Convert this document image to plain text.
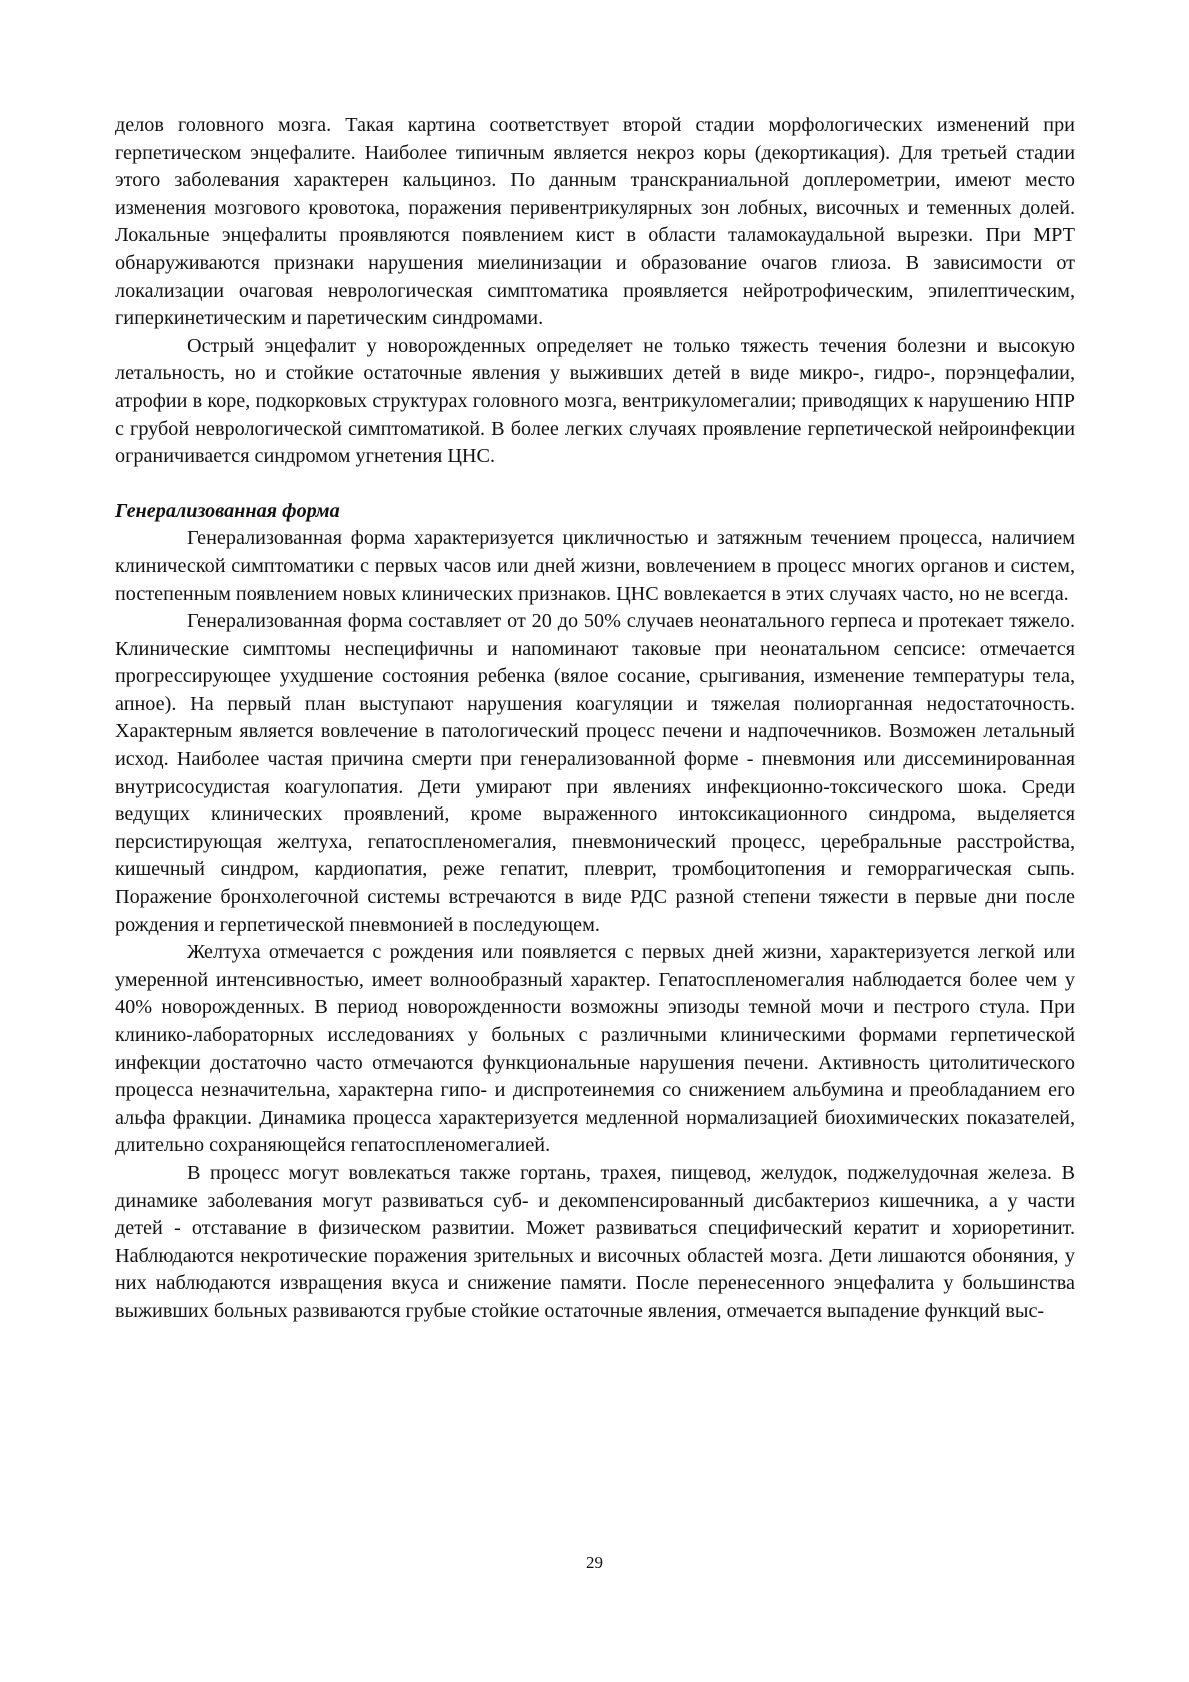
делов головного мозга. Такая картина соответствует второй стадии морфологических изменений при герпетическом энцефалите. Наиболее типичным является некроз коры (декортикация). Для третьей стадии этого заболевания характерен кальциноз. По данным транскраниальной доплерометрии, имеют место изменения мозгового кровотока, поражения перивентрикулярных зон лобных, височных и теменных долей. Локальные энцефалиты проявляются появлением кист в области таламокаудальной вырезки. При МРТ обнаруживаются признаки нарушения миелинизации и образование очагов глиоза. В зависимости от локализации очаговая неврологическая симптоматика проявляется нейротрофическим, эпилептическим, гиперкинетическим и паретическим синдромами.

Острый энцефалит у новорожденных определяет не только тяжесть течения болезни и высокую летальность, но и стойкие остаточные явления у выживших детей в виде микро-, гидро-, порэнцефалии, атрофии в коре, подкорковых структурах головного мозга, вентрикуломегалии; приводящих к нарушению НПР с грубой неврологической симптоматикой. В более легких случаях проявление герпетической нейроинфекции ограничивается синдромом угнетения ЦНС.

Генерализованная форма

Генерализованная форма характеризуется цикличностью и затяжным течением процесса, наличием клинической симптоматики с первых часов или дней жизни, вовлечением в процесс многих органов и систем, постепенным появлением новых клинических признаков. ЦНС вовлекается в этих случаях часто, но не всегда.

Генерализованная форма составляет от 20 до 50% случаев неонатального герпеса и протекает тяжело. Клинические симптомы неспецифичны и напоминают таковые при неонатальном сепсисе: отмечается прогрессирующее ухудшение состояния ребенка (вялое сосание, срыгивания, изменение температуры тела, апное). На первый план выступают нарушения коагуляции и тяжелая полиорганная недостаточность. Характерным является вовлечение в патологический процесс печени и надпочечников. Возможен летальный исход. Наиболее частая причина смерти при генерализованной форме - пневмония или диссеминированная внутрисосудистая коагулопатия. Дети умирают при явлениях инфекционно-токсического шока. Среди ведущих клинических проявлений, кроме выраженного интоксикационного синдрома, выделяется персистирующая желтуха, гепатоспленомегалия, пневмонический процесс, церебральные расстройства, кишечный синдром, кардиопатия, реже гепатит, плеврит, тромбоцитопения и геморрагическая сыпь. Поражение бронхолегочной системы встречаются в виде РДС разной степени тяжести в первые дни после рождения и герпетической пневмонией в последующем.

Желтуха отмечается с рождения или появляется с первых дней жизни, характеризуется легкой или умеренной интенсивностью, имеет волнообразный характер. Гепатоспленомегалия наблюдается более чем у 40% новорожденных. В период новорожденности возможны эпизоды темной мочи и пестрого стула. При клинико-лабораторных исследованиях у больных с различными клиническими формами герпетической инфекции достаточно часто отмечаются функциональные нарушения печени. Активность цитолитического процесса незначительна, характерна гипо- и диспротеинемия со снижением альбумина и преобладанием его альфа фракции. Динамика процесса характеризуется медленной нормализацией биохимических показателей, длительно сохраняющейся гепатоспленомегалией.

В процесс могут вовлекаться также гортань, трахея, пищевод, желудок, поджелудочная железа. В динамике заболевания могут развиваться суб- и декомпенсированный дисбактериоз кишечника, а у части детей - отставание в физическом развитии. Может развиваться специфический кератит и хориоретинит. Наблюдаются некротические поражения зрительных и височных областей мозга. Дети лишаются обоняния, у них наблюдаются извращения вкуса и снижение памяти. После перенесенного энцефалита у большинства выживших больных развиваются грубые стойкие остаточные явления, отмечается выпадение функций выс-

29
